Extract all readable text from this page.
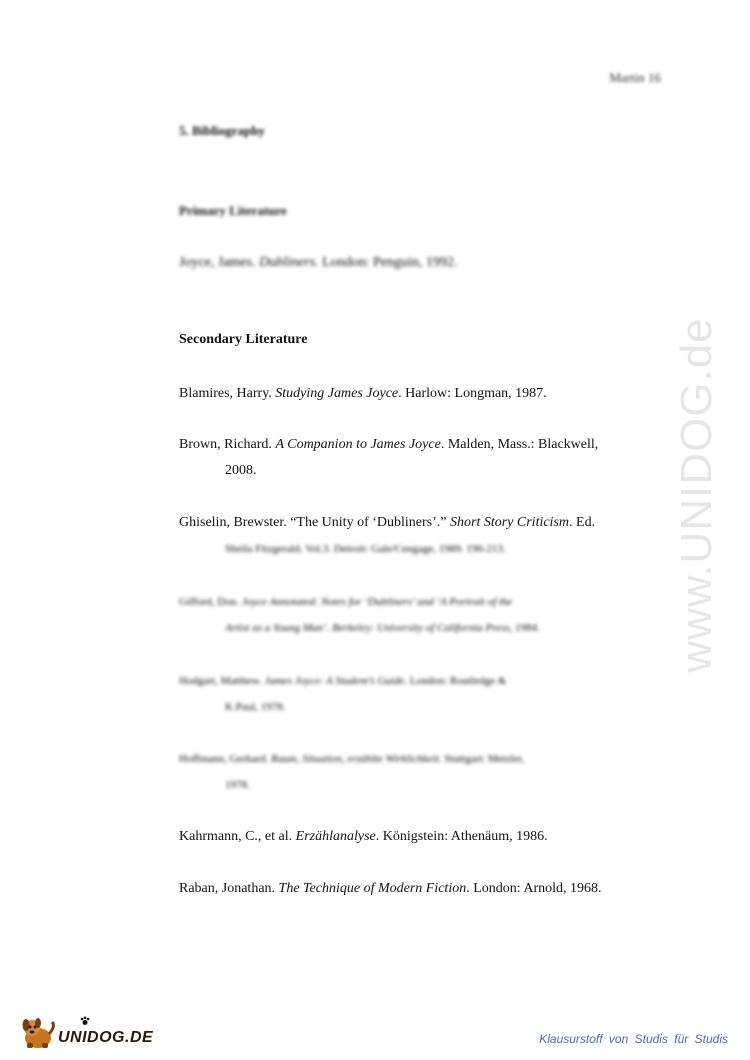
Martin 16
5. Bibliography
Primary Literature
Joyce, James. Dubliners. London: Penguin, 1992.
Secondary Literature
Blamires, Harry. Studying James Joyce. Harlow: Longman, 1987.
Brown, Richard. A Companion to James Joyce. Malden, Mass.: Blackwell,
2008.
Ghiselin, Brewster. “The Unity of ‘Dubliners’.” Short Story Criticism. Ed.
Sheila Fitzgerald. Vol.3. Detroit: Gale/Cengage, 1989. 196-213.
Gifford, Don. Joyce Annotated: Notes for ‘Dubliners’ and ‘A Portrait of the
Artist as a Young Man’. Berkeley: University of California Press, 1984.
Hodgart, Matthew. James Joyce: A Student’s Guide. London: Routledge &
K.Paul, 1978.
Hoffmann, Gerhard. Raum, Situation, erzählte Wirklichkeit. Stuttgart: Metzler,
1978.
Kahrmann, C., et al. Erzählanalyse. Königstein: Athenäum, 1986.
Raban, Jonathan. The Technique of Modern Fiction. London: Arnold, 1968.
www.UNIDOG.de
UNIDOG.DE	Klausurstoff von Studis für Studis
